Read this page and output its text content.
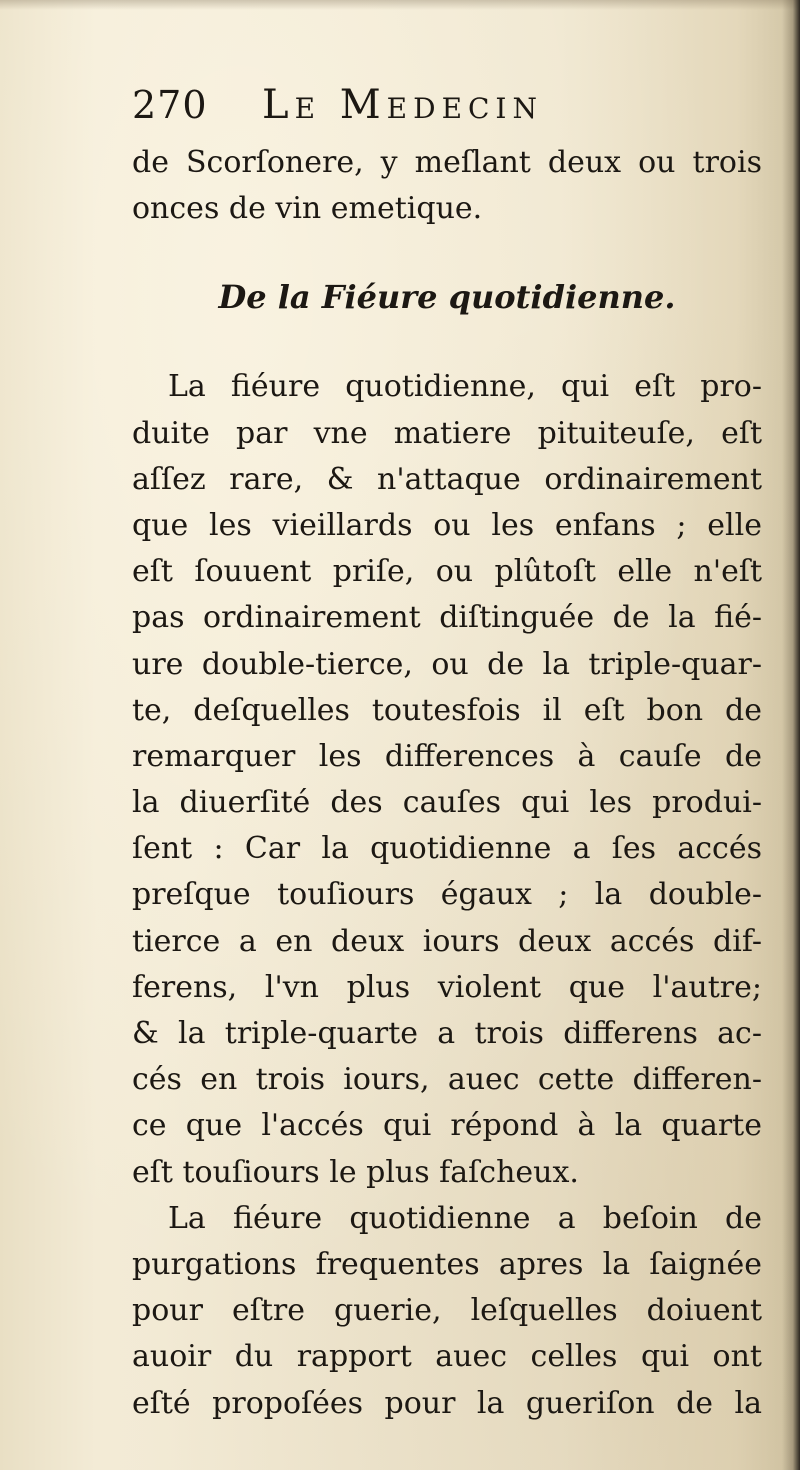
270	Le Medecin
de Scorſonere, y meſlant deux ou trois
onces de vin emetique.
De la Fiéure quotidienne.
La fiéure quotidienne, qui eſt pro-
duite par vne matiere pituiteuſe, eſt
aſſez rare, & n'attaque ordinairement
que les vieillards ou les enfans ; elle
eſt ſouuent priſe, ou plûtoſt elle n'eſt
pas ordinairement diſtinguée de la fié-
ure double-tierce, ou de la triple-quar-
te, deſquelles toutesfois il eſt bon de
remarquer les differences à cauſe de
la diuerſité des cauſes qui les produi-
ſent : Car la quotidienne a ſes accés
preſque touſiours égaux ; la double-
tierce a en deux iours deux accés dif-
ferens, l'vn plus violent que l'autre;
& la triple-quarte a trois differens ac-
cés en trois iours, auec cette differen-
ce que l'accés qui répond à la quarte
eſt touſiours le plus faſcheux.
La fiéure quotidienne a beſoin de
purgations frequentes apres la ſaignée
pour eſtre guerie, leſquelles doiuent
auoir du rapport auec celles qui ont
eſté propoſées pour la gueriſon de la
